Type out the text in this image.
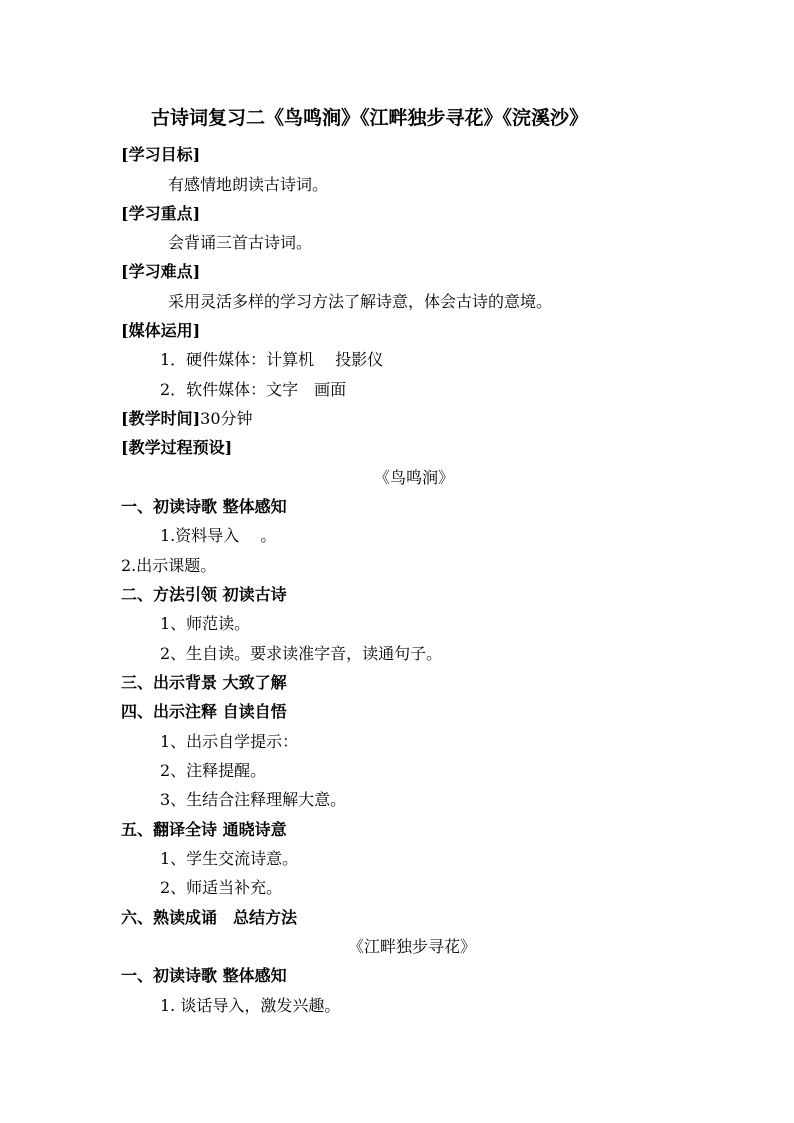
古诗词复习二《鸟鸣涧》《江畔独步寻花》《浣溪沙》
[学习目标]
有感情地朗读古诗词。
[学习重点]
会背诵三首古诗词。
[学习难点]
采用灵活多样的学习方法了解诗意，体会古诗的意境。
[媒体运用]
1．硬件媒体：计算机　 投影仪
2．软件媒体：文字　画面
[教学时间]30分钟
[教学过程预设]
《鸟鸣涧》
一、初读诗歌 整体感知
1.资料导入　 。
2.出示课题。
二、方法引领 初读古诗
1、师范读。
2、生自读。要求读准字音，读通句子。
三、出示背景 大致了解
四、出示注释 自读自悟
1、出示自学提示：
2、注释提醒。
3、生结合注释理解大意。
五、翻译全诗 通晓诗意
1、学生交流诗意。
2、师适当补充。
六、熟读成诵　总结方法
《江畔独步寻花》
一、初读诗歌 整体感知
1. 谈话导入，激发兴趣。
